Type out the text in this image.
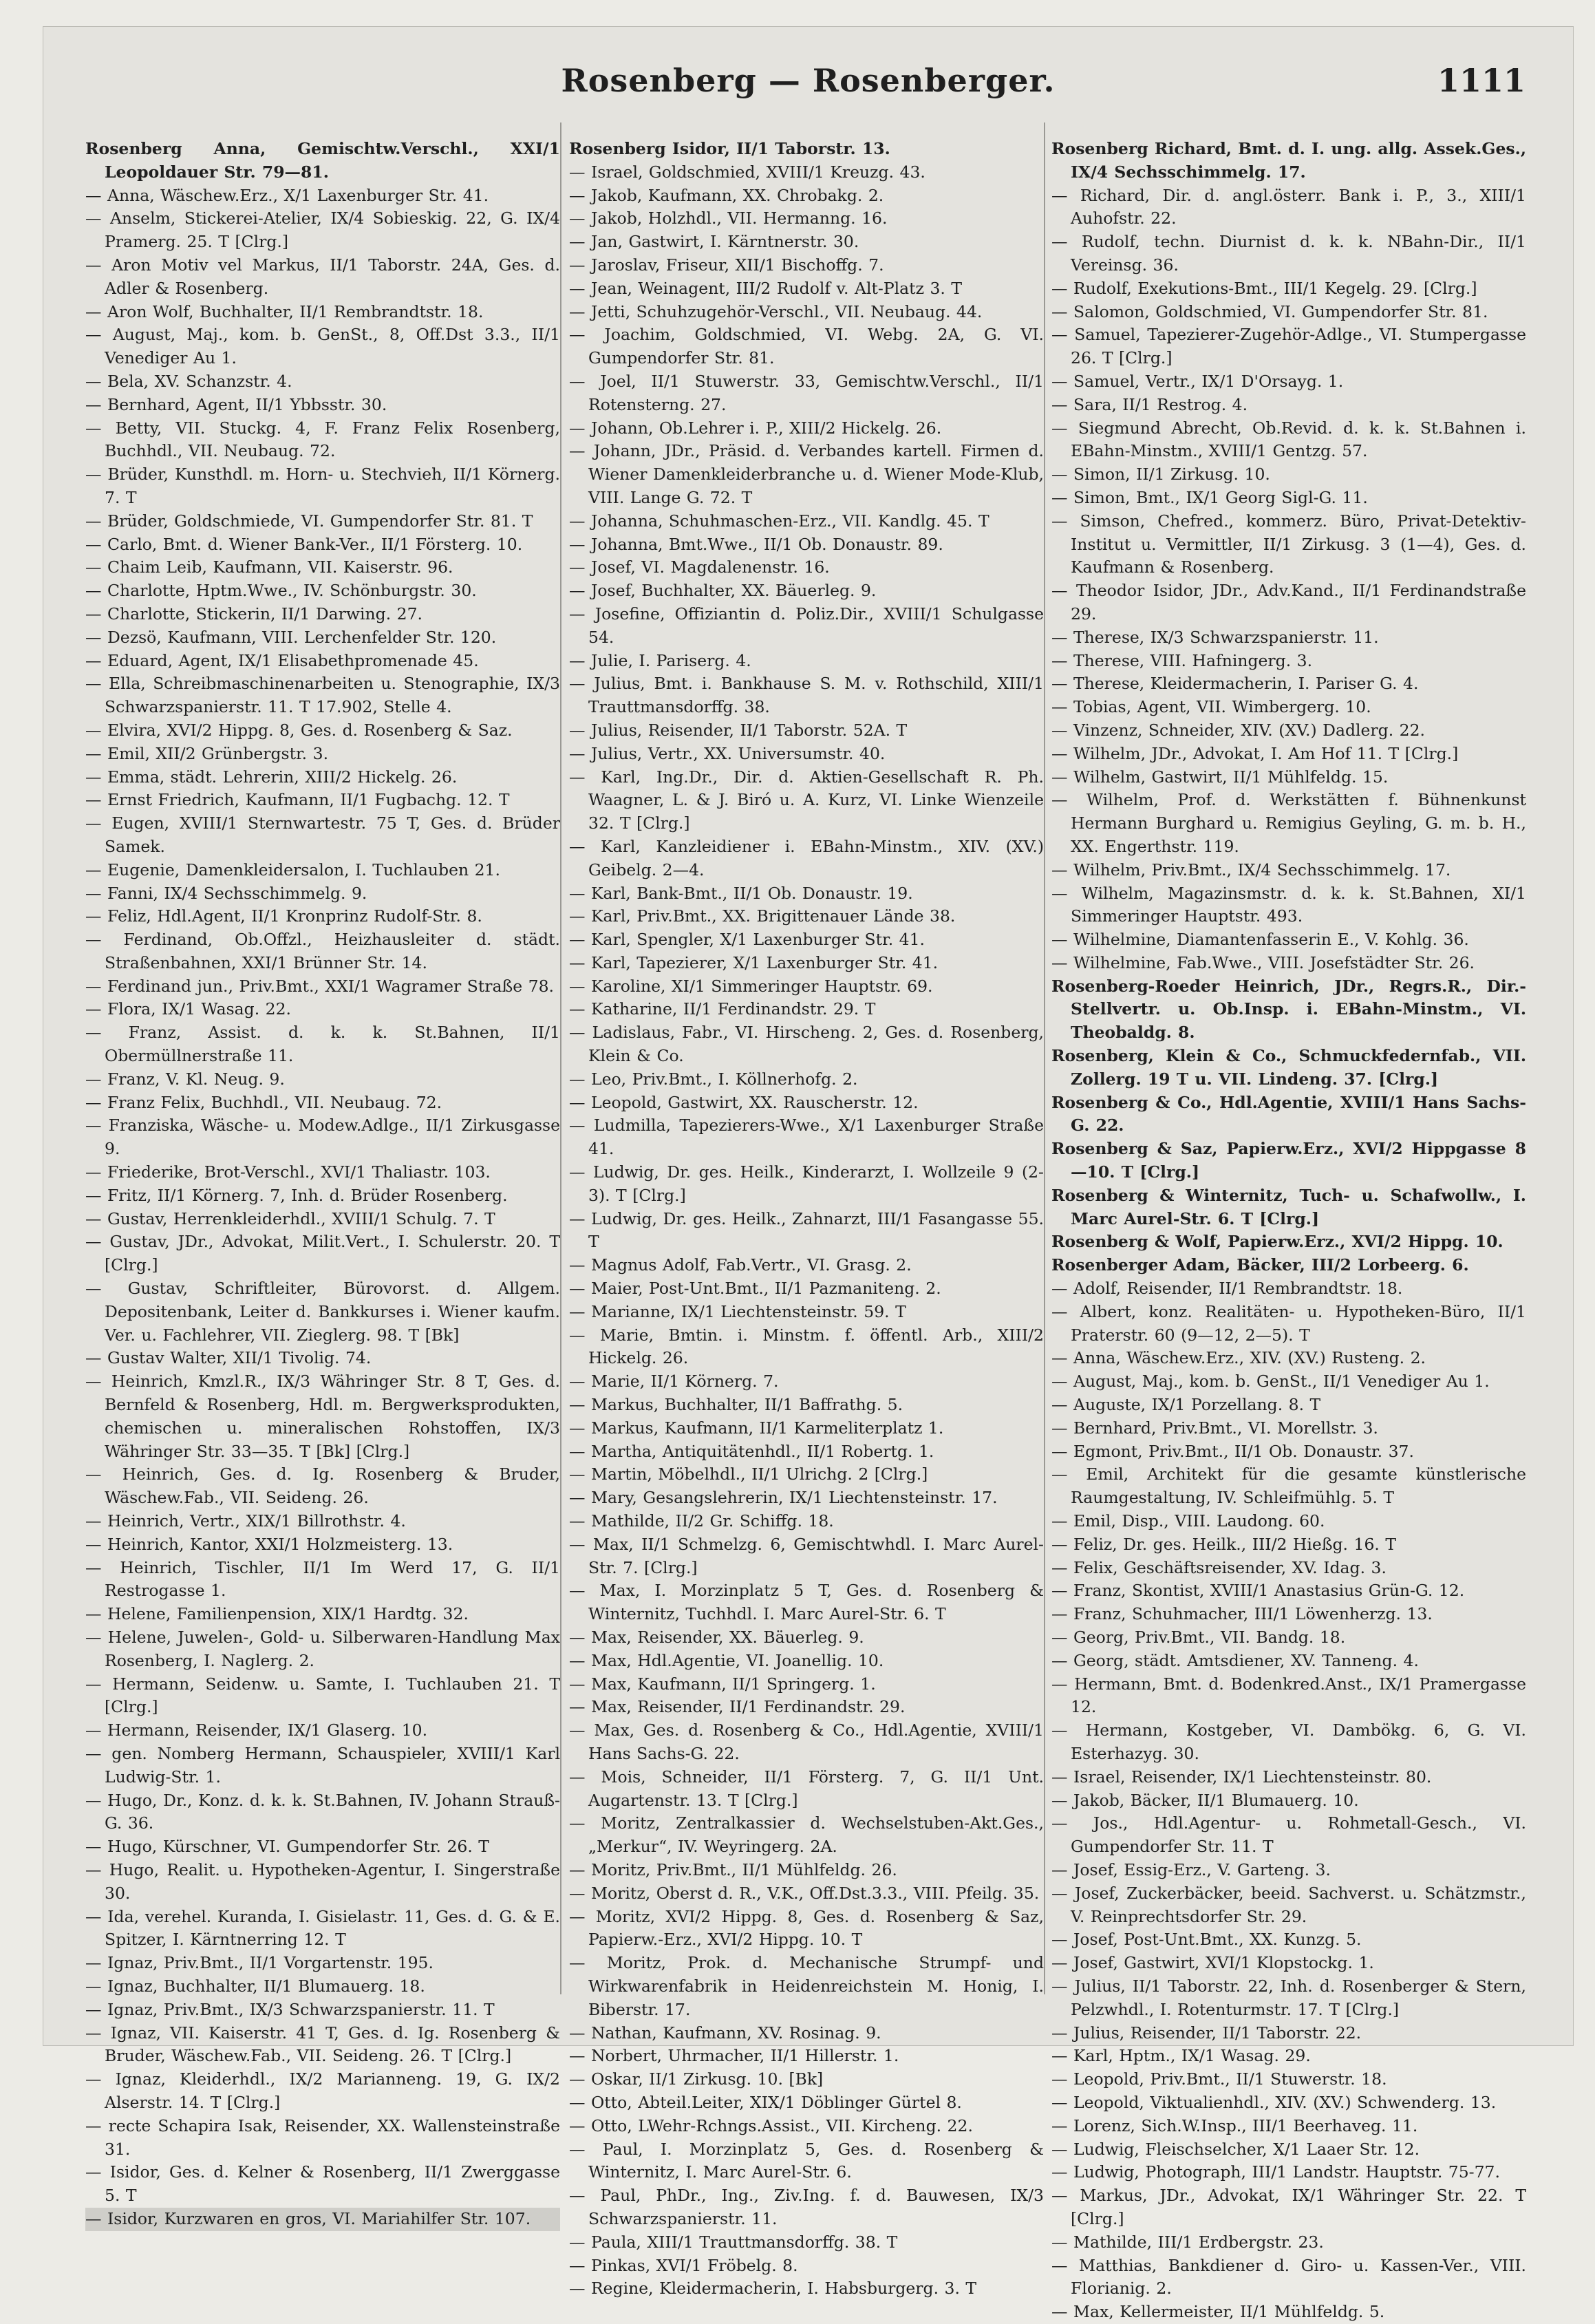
Rosenberg — Rosenberger.	1111

Rosenberg Anna, Gemischtw.Verschl., XXI/1 Leopoldauer Str. 79—81.

— Anna, Wäschew.Erz., X/1 Laxenburger Str. 41.

— Anselm, Stickerei-Atelier, IX/4 Sobieskig. 22, G. IX/4 Pramerg. 25. T [Clrg.]

— Aron Motiv vel Markus, II/1 Taborstr. 24A, Ges. d. Adler & Rosenberg.

— Aron Wolf, Buchhalter, II/1 Rembrandtstr. 18.

— August, Maj., kom. b. GenSt., 8, Off.Dst 3.3., II/1 Venediger Au 1.

— Bela, XV. Schanzstr. 4.

— Bernhard, Agent, II/1 Ybbsstr. 30.

— Betty, VII. Stuckg. 4, F. Franz Felix Rosenberg, Buchhdl., VII. Neubaug. 72.

— Brüder, Kunsthdl. m. Horn- u. Stechvieh, II/1 Körnerg. 7. T

— Brüder, Goldschmiede, VI. Gumpendorfer Str. 81. T

— Carlo, Bmt. d. Wiener Bank-Ver., II/1 Försterg. 10.

— Chaim Leib, Kaufmann, VII. Kaiserstr. 96.

— Charlotte, Hptm.Wwe., IV. Schönburgstr. 30.

— Charlotte, Stickerin, II/1 Darwing. 27.

— Dezsö, Kaufmann, VIII. Lerchenfelder Str. 120.

— Eduard, Agent, IX/1 Elisabethpromenade 45.

— Ella, Schreibmaschinenarbeiten u. Stenographie, IX/3 Schwarzspanierstr. 11. T 17.902, Stelle 4.

— Elvira, XVI/2 Hippg. 8, Ges. d. Rosenberg & Saz.

— Emil, XII/2 Grünbergstr. 3.

— Emma, städt. Lehrerin, XIII/2 Hickelg. 26.

— Ernst Friedrich, Kaufmann, II/1 Fugbachg. 12. T

— Eugen, XVIII/1 Sternwartestr. 75 T, Ges. d. Brüder Samek.

— Eugenie, Damenkleidersalon, I. Tuchlauben 21.

— Fanni, IX/4 Sechsschimmelg. 9.

— Feliz, Hdl.Agent, II/1 Kronprinz Rudolf-Str. 8.

— Ferdinand, Ob.Offzl., Heizhausleiter d. städt. Straßenbahnen, XXI/1 Brünner Str. 14.

— Ferdinand jun., Priv.Bmt., XXI/1 Wagramer Straße 78.

— Flora, IX/1 Wasag. 22.

— Franz, Assist. d. k. k. St.Bahnen, II/1 Obermüllnerstraße 11.

— Franz, V. Kl. Neug. 9.

— Franz Felix, Buchhdl., VII. Neubaug. 72.

— Franziska, Wäsche- u. Modew.Adlge., II/1 Zirkusgasse 9.

— Friederike, Brot-Verschl., XVI/1 Thaliastr. 103.

— Fritz, II/1 Körnerg. 7, Inh. d. Brüder Rosenberg.

— Gustav, Herrenkleiderhdl., XVIII/1 Schulg. 7. T

— Gustav, JDr., Advokat, Milit.Vert., I. Schulerstr. 20. T [Clrg.]

— Gustav, Schriftleiter, Bürovorst. d. Allgem. Depositenbank, Leiter d. Bankkurses i. Wiener kaufm. Ver. u. Fachlehrer, VII. Zieglerg. 98. T [Bk]

— Gustav Walter, XII/1 Tivolig. 74.

— Heinrich, Kmzl.R., IX/3 Währinger Str. 8 T, Ges. d. Bernfeld & Rosenberg, Hdl. m. Bergwerksprodukten, chemischen u. mineralischen Rohstoffen, IX/3 Währinger Str. 33—35. T [Bk] [Clrg.]

— Heinrich, Ges. d. Ig. Rosenberg & Bruder, Wäschew.Fab., VII. Seideng. 26.

— Heinrich, Vertr., XIX/1 Billrothstr. 4.

— Heinrich, Kantor, XXI/1 Holzmeisterg. 13.

— Heinrich, Tischler, II/1 Im Werd 17, G. II/1 Restrogasse 1.

— Helene, Familienpension, XIX/1 Hardtg. 32.

— Helene, Juwelen-, Gold- u. Silberwaren-Handlung Max Rosenberg, I. Naglerg. 2.

— Hermann, Seidenw. u. Samte, I. Tuchlauben 21. T [Clrg.]

— Hermann, Reisender, IX/1 Glaserg. 10.

— gen. Nomberg Hermann, Schauspieler, XVIII/1 Karl Ludwig-Str. 1.

— Hugo, Dr., Konz. d. k. k. St.Bahnen, IV. Johann Strauß-G. 36.

— Hugo, Kürschner, VI. Gumpendorfer Str. 26. T

— Hugo, Realit. u. Hypotheken-Agentur, I. Singerstraße 30.

— Ida, verehel. Kuranda, I. Gisielastr. 11, Ges. d. G. & E. Spitzer, I. Kärntnerring 12. T

— Ignaz, Priv.Bmt., II/1 Vorgartenstr. 195.

— Ignaz, Buchhalter, II/1 Blumauerg. 18.

— Ignaz, Priv.Bmt., IX/3 Schwarzspanierstr. 11. T

— Ignaz, VII. Kaiserstr. 41 T, Ges. d. Ig. Rosenberg & Bruder, Wäschew.Fab., VII. Seideng. 26. T [Clrg.]

— Ignaz, Kleiderhdl., IX/2 Marianneng. 19, G. IX/2 Alserstr. 14. T [Clrg.]

— recte Schapira Isak, Reisender, XX. Wallensteinstraße 31.

— Isidor, Ges. d. Kelner & Rosenberg, II/1 Zwerggasse 5. T

— Isidor, Kurzwaren en gros, VI. Mariahilfer Str. 107.

Rosenberg Isidor, II/1 Taborstr. 13.

— Israel, Goldschmied, XVIII/1 Kreuzg. 43.

— Jakob, Kaufmann, XX. Chrobakg. 2.

— Jakob, Holzhdl., VII. Hermanng. 16.

— Jan, Gastwirt, I. Kärntnerstr. 30.

— Jaroslav, Friseur, XII/1 Bischoffg. 7.

— Jean, Weinagent, III/2 Rudolf v. Alt-Platz 3. T

— Jetti, Schuhzugehör-Verschl., VII. Neubaug. 44.

— Joachim, Goldschmied, VI. Webg. 2A, G. VI. Gumpendorfer Str. 81.

— Joel, II/1 Stuwerstr. 33, Gemischtw.Verschl., II/1 Rotensterng. 27.

— Johann, Ob.Lehrer i. P., XIII/2 Hickelg. 26.

— Johann, JDr., Präsid. d. Verbandes kartell. Firmen d. Wiener Damenkleiderbranche u. d. Wiener Mode-Klub, VIII. Lange G. 72. T

— Johanna, Schuhmaschen-Erz., VII. Kandlg. 45. T

— Johanna, Bmt.Wwe., II/1 Ob. Donaustr. 89.

— Josef, VI. Magdalenenstr. 16.

— Josef, Buchhalter, XX. Bäuerleg. 9.

— Josefine, Offiziantin d. Poliz.Dir., XVIII/1 Schulgasse 54.

— Julie, I. Pariserg. 4.

— Julius, Bmt. i. Bankhause S. M. v. Rothschild, XIII/1 Trauttmansdorffg. 38.

— Julius, Reisender, II/1 Taborstr. 52A. T

— Julius, Vertr., XX. Universumstr. 40.

— Karl, Ing.Dr., Dir. d. Aktien-Gesellschaft R. Ph. Waagner, L. & J. Biró u. A. Kurz, VI. Linke Wienzeile 32. T [Clrg.]

— Karl, Kanzleidiener i. EBahn-Minstm., XIV. (XV.) Geibelg. 2—4.

— Karl, Bank-Bmt., II/1 Ob. Donaustr. 19.

— Karl, Priv.Bmt., XX. Brigittenauer Lände 38.

— Karl, Spengler, X/1 Laxenburger Str. 41.

— Karl, Tapezierer, X/1 Laxenburger Str. 41.

— Karoline, XI/1 Simmeringer Hauptstr. 69.

— Katharine, II/1 Ferdinandstr. 29. T

— Ladislaus, Fabr., VI. Hirscheng. 2, Ges. d. Rosenberg, Klein & Co.

— Leo, Priv.Bmt., I. Köllnerhofg. 2.

— Leopold, Gastwirt, XX. Rauscherstr. 12.

— Ludmilla, Tapezierers-Wwe., X/1 Laxenburger Straße 41.

— Ludwig, Dr. ges. Heilk., Kinderarzt, I. Wollzeile 9 (2-3). T [Clrg.]

— Ludwig, Dr. ges. Heilk., Zahnarzt, III/1 Fasangasse 55. T

— Magnus Adolf, Fab.Vertr., VI. Grasg. 2.

— Maier, Post-Unt.Bmt., II/1 Pazmaniteng. 2.

— Marianne, IX/1 Liechtensteinstr. 59. T

— Marie, Bmtin. i. Minstm. f. öffentl. Arb., XIII/2 Hickelg. 26.

— Marie, II/1 Körnerg. 7.

— Markus, Buchhalter, II/1 Baffrathg. 5.

— Markus, Kaufmann, II/1 Karmeliterplatz 1.

— Martha, Antiquitätenhdl., II/1 Robertg. 1.

— Martin, Möbelhdl., II/1 Ulrichg. 2 [Clrg.]

— Mary, Gesangslehrerin, IX/1 Liechtensteinstr. 17.

— Mathilde, II/2 Gr. Schiffg. 18.

— Max, II/1 Schmelzg. 6, Gemischtwhdl. I. Marc Aurel-Str. 7. [Clrg.]

— Max, I. Morzinplatz 5 T, Ges. d. Rosenberg & Winternitz, Tuchhdl. I. Marc Aurel-Str. 6. T

— Max, Reisender, XX. Bäuerleg. 9.

— Max, Hdl.Agentie, VI. Joanellig. 10.

— Max, Kaufmann, II/1 Springerg. 1.

— Max, Reisender, II/1 Ferdinandstr. 29.

— Max, Ges. d. Rosenberg & Co., Hdl.Agentie, XVIII/1 Hans Sachs-G. 22.

— Mois, Schneider, II/1 Försterg. 7, G. II/1 Unt. Augartenstr. 13. T [Clrg.]

— Moritz, Zentralkassier d. Wechselstuben-Akt.Ges., „Merkur“, IV. Weyringerg. 2A.

— Moritz, Priv.Bmt., II/1 Mühlfeldg. 26.

— Moritz, Oberst d. R., V.K., Off.Dst.3.3., VIII. Pfeilg. 35.

— Moritz, XVI/2 Hippg. 8, Ges. d. Rosenberg & Saz, Papierw.-Erz., XVI/2 Hippg. 10. T

— Moritz, Prok. d. Mechanische Strumpf- und Wirkwarenfabrik in Heidenreichstein M. Honig, I. Biberstr. 17.

— Nathan, Kaufmann, XV. Rosinag. 9.

— Norbert, Uhrmacher, II/1 Hillerstr. 1.

— Oskar, II/1 Zirkusg. 10. [Bk]

— Otto, Abteil.Leiter, XIX/1 Döblinger Gürtel 8.

— Otto, LWehr-Rchngs.Assist., VII. Kircheng. 22.

— Paul, I. Morzinplatz 5, Ges. d. Rosenberg & Winternitz, I. Marc Aurel-Str. 6.

— Paul, PhDr., Ing., Ziv.Ing. f. d. Bauwesen, IX/3 Schwarzspanierstr. 11.

— Paula, XIII/1 Trauttmansdorffg. 38. T

— Pinkas, XVI/1 Fröbelg. 8.

— Regine, Kleidermacherin, I. Habsburgerg. 3. T

Rosenberg Richard, Bmt. d. I. ung. allg. Assek.Ges., IX/4 Sechsschimmelg. 17.

— Richard, Dir. d. angl.österr. Bank i. P., 3., XIII/1 Auhofstr. 22.

— Rudolf, techn. Diurnist d. k. k. NBahn-Dir., II/1 Vereinsg. 36.

— Rudolf, Exekutions-Bmt., III/1 Kegelg. 29. [Clrg.]

— Salomon, Goldschmied, VI. Gumpendorfer Str. 81.

— Samuel, Tapezierer-Zugehör-Adlge., VI. Stumpergasse 26. T [Clrg.]

— Samuel, Vertr., IX/1 D'Orsayg. 1.

— Sara, II/1 Restrog. 4.

— Siegmund Abrecht, Ob.Revid. d. k. k. St.Bahnen i. EBahn-Minstm., XVIII/1 Gentzg. 57.

— Simon, II/1 Zirkusg. 10.

— Simon, Bmt., IX/1 Georg Sigl-G. 11.

— Simson, Chefred., kommerz. Büro, Privat-Detektiv-Institut u. Vermittler, II/1 Zirkusg. 3 (1—4), Ges. d. Kaufmann & Rosenberg.

— Theodor Isidor, JDr., Adv.Kand., II/1 Ferdinandstraße 29.

— Therese, IX/3 Schwarzspanierstr. 11.

— Therese, VIII. Hafningerg. 3.

— Therese, Kleidermacherin, I. Pariser G. 4.

— Tobias, Agent, VII. Wimbergerg. 10.

— Vinzenz, Schneider, XIV. (XV.) Dadlerg. 22.

— Wilhelm, JDr., Advokat, I. Am Hof 11. T [Clrg.]

— Wilhelm, Gastwirt, II/1 Mühlfeldg. 15.

— Wilhelm, Prof. d. Werkstätten f. Bühnenkunst Hermann Burghard u. Remigius Geyling, G. m. b. H., XX. Engerthstr. 119.

— Wilhelm, Priv.Bmt., IX/4 Sechsschimmelg. 17.

— Wilhelm, Magazinsmstr. d. k. k. St.Bahnen, XI/1 Simmeringer Hauptstr. 493.

— Wilhelmine, Diamantenfasserin E., V. Kohlg. 36.

— Wilhelmine, Fab.Wwe., VIII. Josefstädter Str. 26.

Rosenberg-Roeder Heinrich, JDr., Regrs.R., Dir.-Stellvertr. u. Ob.Insp. i. EBahn-Minstm., VI. Theobaldg. 8.

Rosenberg, Klein & Co., Schmuckfedernfab., VII. Zollerg. 19 T u. VII. Lindeng. 37. [Clrg.]

Rosenberg & Co., Hdl.Agentie, XVIII/1 Hans Sachs-G. 22.

Rosenberg & Saz, Papierw.Erz., XVI/2 Hippgasse 8—10. T [Clrg.]

Rosenberg & Winternitz, Tuch- u. Schafwollw., I. Marc Aurel-Str. 6. T [Clrg.]

Rosenberg & Wolf, Papierw.Erz., XVI/2 Hippg. 10.

Rosenberger Adam, Bäcker, III/2 Lorbeerg. 6.

— Adolf, Reisender, II/1 Rembrandtstr. 18.

— Albert, konz. Realitäten- u. Hypotheken-Büro, II/1 Praterstr. 60 (9—12, 2—5). T

— Anna, Wäschew.Erz., XIV. (XV.) Rusteng. 2.

— August, Maj., kom. b. GenSt., II/1 Venediger Au 1.

— Auguste, IX/1 Porzellang. 8. T

— Bernhard, Priv.Bmt., VI. Morellstr. 3.

— Egmont, Priv.Bmt., II/1 Ob. Donaustr. 37.

— Emil, Architekt für die gesamte künstlerische Raumgestaltung, IV. Schleifmühlg. 5. T

— Emil, Disp., VIII. Laudong. 60.

— Feliz, Dr. ges. Heilk., III/2 Hießg. 16. T

— Felix, Geschäftsreisender, XV. Idag. 3.

— Franz, Skontist, XVIII/1 Anastasius Grün-G. 12.

— Franz, Schuhmacher, III/1 Löwenherzg. 13.

— Georg, Priv.Bmt., VII. Bandg. 18.

— Georg, städt. Amtsdiener, XV. Tanneng. 4.

— Hermann, Bmt. d. Bodenkred.Anst., IX/1 Pramergasse 12.

— Hermann, Kostgeber, VI. Dambökg. 6, G. VI. Esterhazyg. 30.

— Israel, Reisender, IX/1 Liechtensteinstr. 80.

— Jakob, Bäcker, II/1 Blumauerg. 10.

— Jos., Hdl.Agentur- u. Rohmetall-Gesch., VI. Gumpendorfer Str. 11. T

— Josef, Essig-Erz., V. Garteng. 3.

— Josef, Zuckerbäcker, beeid. Sachverst. u. Schätzmstr., V. Reinprechtsdorfer Str. 29.

— Josef, Post-Unt.Bmt., XX. Kunzg. 5.

— Josef, Gastwirt, XVI/1 Klopstockg. 1.

— Julius, II/1 Taborstr. 22, Inh. d. Rosenberger & Stern, Pelzwhdl., I. Rotenturmstr. 17. T [Clrg.]

— Julius, Reisender, II/1 Taborstr. 22.

— Karl, Hptm., IX/1 Wasag. 29.

— Leopold, Priv.Bmt., II/1 Stuwerstr. 18.

— Leopold, Viktualienhdl., XIV. (XV.) Schwenderg. 13.

— Lorenz, Sich.W.Insp., III/1 Beerhaveg. 11.

— Ludwig, Fleischselcher, X/1 Laaer Str. 12.

— Ludwig, Photograph, III/1 Landstr. Hauptstr. 75-77.

— Markus, JDr., Advokat, IX/1 Währinger Str. 22. T [Clrg.]

— Mathilde, III/1 Erdbergstr. 23.

— Matthias, Bankdiener d. Giro- u. Kassen-Ver., VIII. Florianig. 2.

— Max, Kellermeister, II/1 Mühlfeldg. 5.
